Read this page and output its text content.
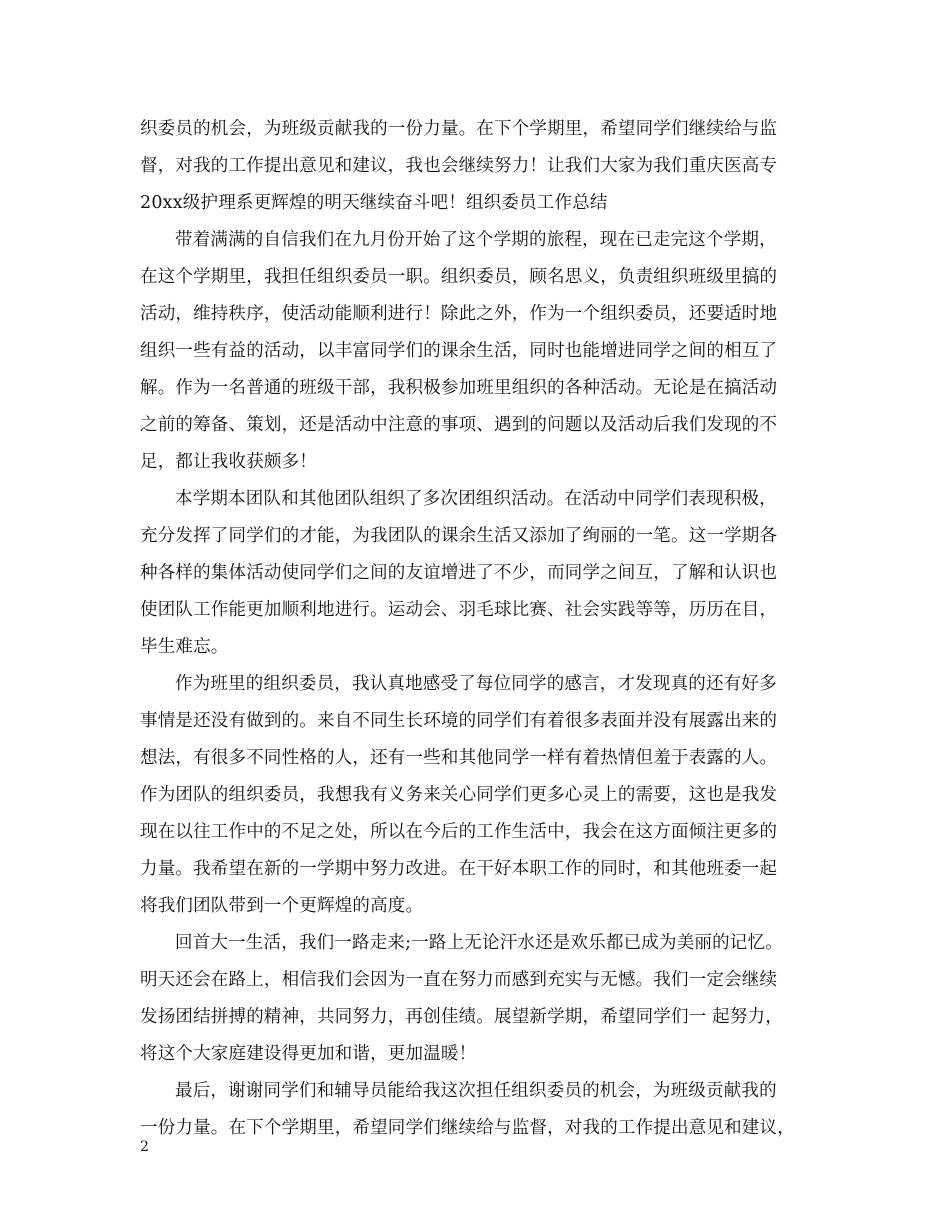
织委员的机会，为班级贡献我的一份力量。在下个学期里，希望同学们继续给与监
督，对我的工作提出意见和建议，我也会继续努力！让我们大家为我们重庆医高专
20xx级护理系更辉煌的明天继续奋斗吧！组织委员工作总结
带着满满的自信我们在九月份开始了这个学期的旅程，现在已走完这个学期，
在这个学期里，我担任组织委员一职。组织委员，顾名思义，负责组织班级里搞的
活动，维持秩序，使活动能顺利进行！除此之外，作为一个组织委员，还要适时地
组织一些有益的活动，以丰富同学们的课余生活，同时也能增进同学之间的相互了
解。作为一名普通的班级干部，我积极参加班里组织的各种活动。无论是在搞活动
之前的筹备、策划，还是活动中注意的事项、遇到的问题以及活动后我们发现的不
足，都让我收获颇多！
本学期本团队和其他团队组织了多次团组织活动。在活动中同学们表现积极，
充分发挥了同学们的才能，为我团队的课余生活又添加了绚丽的一笔。这一学期各
种各样的集体活动使同学们之间的友谊增进了不少，而同学之间互，了解和认识也
使团队工作能更加顺利地进行。运动会、羽毛球比赛、社会实践等等，历历在目，
毕生难忘。
作为班里的组织委员，我认真地感受了每位同学的感言，才发现真的还有好多
事情是还没有做到的。来自不同生长环境的同学们有着很多表面并没有展露出来的
想法，有很多不同性格的人，还有一些和其他同学一样有着热情但羞于表露的人。
作为团队的组织委员，我想我有义务来关心同学们更多心灵上的需要，这也是我发
现在以往工作中的不足之处，所以在今后的工作生活中，我会在这方面倾注更多的
力量。我希望在新的一学期中努力改进。在干好本职工作的同时，和其他班委一起
将我们团队带到一个更辉煌的高度。
回首大一生活，我们一路走来;一路上无论汗水还是欢乐都已成为美丽的记忆。
明天还会在路上，相信我们会因为一直在努力而感到充实与无憾。我们一定会继续
发扬团结拼搏的精神，共同努力，再创佳绩。展望新学期，希望同学们一 起努力，
将这个大家庭建设得更加和谐，更加温暖！
最后，谢谢同学们和辅导员能给我这次担任组织委员的机会，为班级贡献我的
一份力量。在下个学期里，希望同学们继续给与监督，对我的工作提出意见和建议，
2
